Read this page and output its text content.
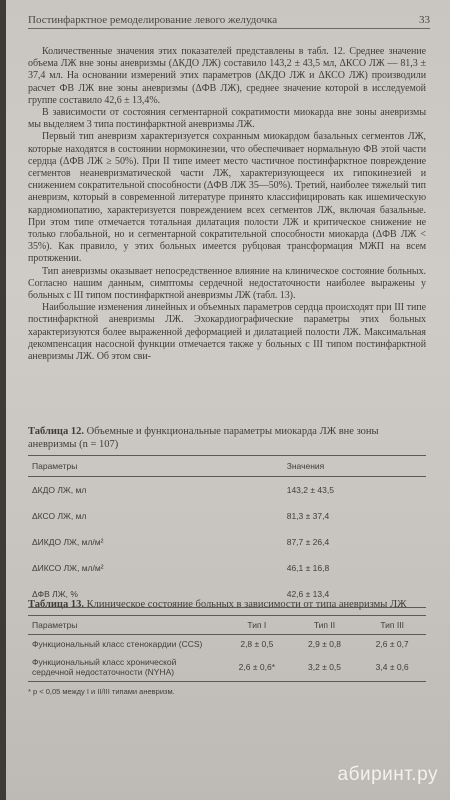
Постинфарктное ремоделирование левого желудочка	33

Количественные значения этих показателей представлены в табл. 12. Среднее значение объема ЛЖ вне зоны аневризмы (ΔКДО ЛЖ) составило 143,2 ± 43,5 мл, ΔКСО ЛЖ — 81,3 ± 37,4 мл. На основании измерений этих параметров (ΔКДО ЛЖ и ΔКСО ЛЖ) производили расчет ФВ ЛЖ вне зоны аневризмы (ΔФВ ЛЖ), среднее значение которой в исследуемой группе составило 42,6 ± 13,4%.

В зависимости от состояния сегментарной сократимости миокарда вне зоны аневризмы мы выделяем 3 типа постинфарктной аневризмы ЛЖ.

Первый тип аневризм характеризуется сохранным миокардом базальных сегментов ЛЖ, которые находятся в состоянии нормокинезии, что обеспечивает нормальную ФВ этой части сердца (ΔФВ ЛЖ ≥ 50%). При II типе имеет место частичное постинфарктное повреждение сегментов неаневризматической части ЛЖ, характеризующееся их гипокинезией и снижением сократительной способности (ΔФВ ЛЖ 35—50%). Третий, наиболее тяжелый тип аневризм, который в современной литературе принято классифицировать как ишемическую кардиомиопатию, характеризуется повреждением всех сегментов ЛЖ, включая базальные. При этом типе отмечается тотальная дилатация полости ЛЖ и критическое снижение не только глобальной, но и сегментарной сократительной способности миокарда (ΔФВ ЛЖ < 35%). Как правило, у этих больных имеется рубцовая трансформация МЖП на всем протяжении.

Тип аневризмы оказывает непосредственное влияние на клиническое состояние больных. Согласно нашим данным, симптомы сердечной недостаточности наиболее выражены у больных с III типом постинфарктной аневризмы ЛЖ (табл. 13).

Наибольшие изменения линейных и объемных параметров сердца происходят при III типе постинфарктной аневризмы ЛЖ. Эхокардиографические параметры этих больных характеризуются более выраженной деформацией и дилатацией полости ЛЖ. Максимальная декомпенсация насосной функции отмечается также у больных с III типом постинфарктной аневризмы ЛЖ. Об этом сви-

Таблица 12. Объемные и функциональные параметры миокарда ЛЖ вне зоны аневризмы (n = 107)

Параметры	Значения
ΔКДО ЛЖ, мл	143,2 ± 43,5
ΔКСО ЛЖ, мл	81,3 ± 37,4
ΔИКДО ЛЖ, мл/м²	87,7 ± 26,4
ΔИКСО ЛЖ, мл/м²	46,1 ± 16,8
ΔФВ ЛЖ, %	42,6 ± 13,4

Таблица 13. Клиническое состояние больных в зависимости от типа аневризмы ЛЖ

Параметры	Тип I	Тип II	Тип III
Функциональный класс стенокардии (CCS)	2,8 ± 0,5	2,9 ± 0,8	2,6 ± 0,7
Функциональный класс хронической сердечной недостаточности (NYHA)	2,6 ± 0,6*	3,2 ± 0,5	3,4 ± 0,6
* p < 0,05 между I и II/III типами аневризм.
абиринт.ру
